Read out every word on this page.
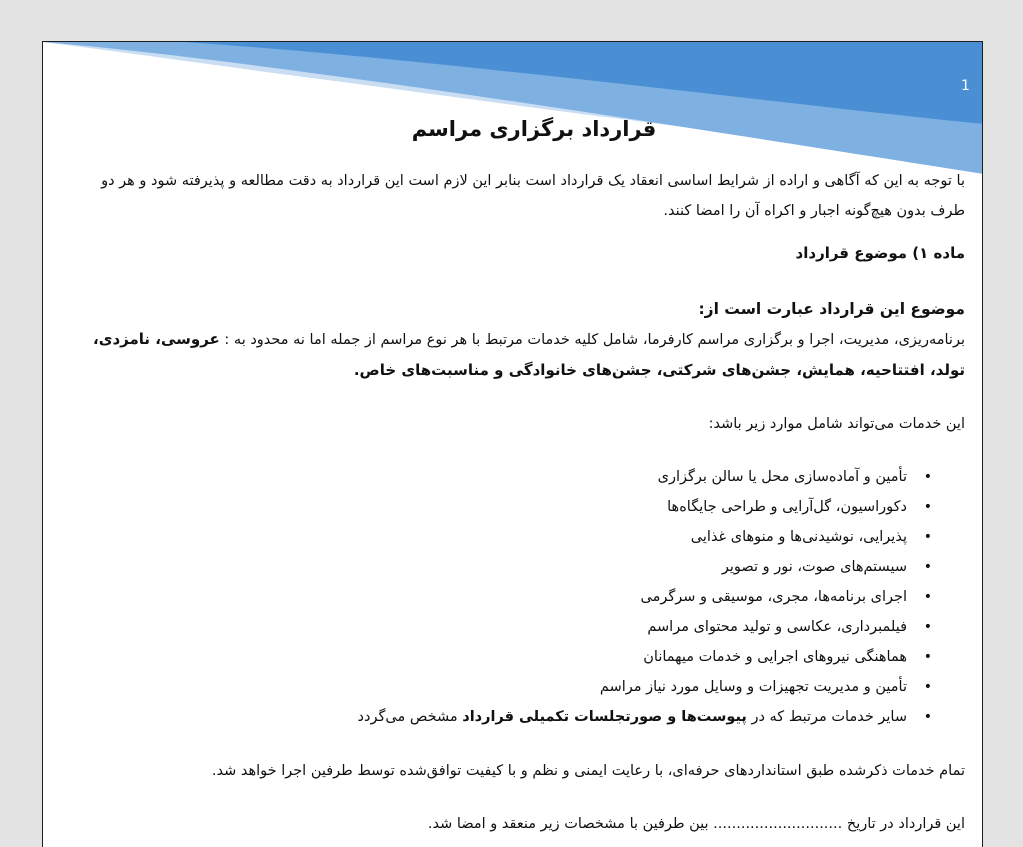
1
قرارداد برگزاری مراسم

با توجه به این که آگاهی و اراده از شرایط اساسی انعقاد یک قرارداد است بنابر این لازم است این قرارداد به دقت مطالعه و پذیرفته شود و هر دو طرف بدون هیچ‌گونه اجبار و اکراه آن را امضا کنند.

ماده ۱) موضوع قرارداد

موضوع این قرارداد عبارت است از:

برنامه‌ریزی، مدیریت، اجرا و برگزاری مراسم کارفرما، شامل کلیه خدمات مرتبط با هر نوع مراسم از جمله اما نه محدود به : عروسی، نامزدی، تولد، افتتاحیه، همایش، جشن‌های شرکتی، جشن‌های خانوادگی و مناسبت‌های خاص.

این خدمات می‌تواند شامل موارد زیر باشد:

•
تأمین و آماده‌سازی محل یا سالن برگزاری
•
دکوراسیون، گل‌آرایی و طراحی جایگاه‌ها
•
پذیرایی، نوشیدنی‌ها و منوهای غذایی
•
سیستم‌های صوت، نور و تصویر
•
اجرای برنامه‌ها، مجری، موسیقی و سرگرمی
•
فیلمبرداری، عکاسی و تولید محتوای مراسم
•
هماهنگی نیروهای اجرایی و خدمات میهمانان
•
تأمین و مدیریت تجهیزات و وسایل مورد نیاز مراسم
•
سایر خدمات مرتبط که در پیوست‌ها و صورتجلسات تکمیلی قرارداد مشخص می‌گردد

تمام خدمات ذکرشده طبق استانداردهای حرفه‌ای، با رعایت ایمنی و نظم و با کیفیت توافق‌شده توسط طرفین اجرا خواهد شد.

این قرارداد در تاریخ ............................ بین طرفین با مشخصات زیر منعقد و امضا شد.
